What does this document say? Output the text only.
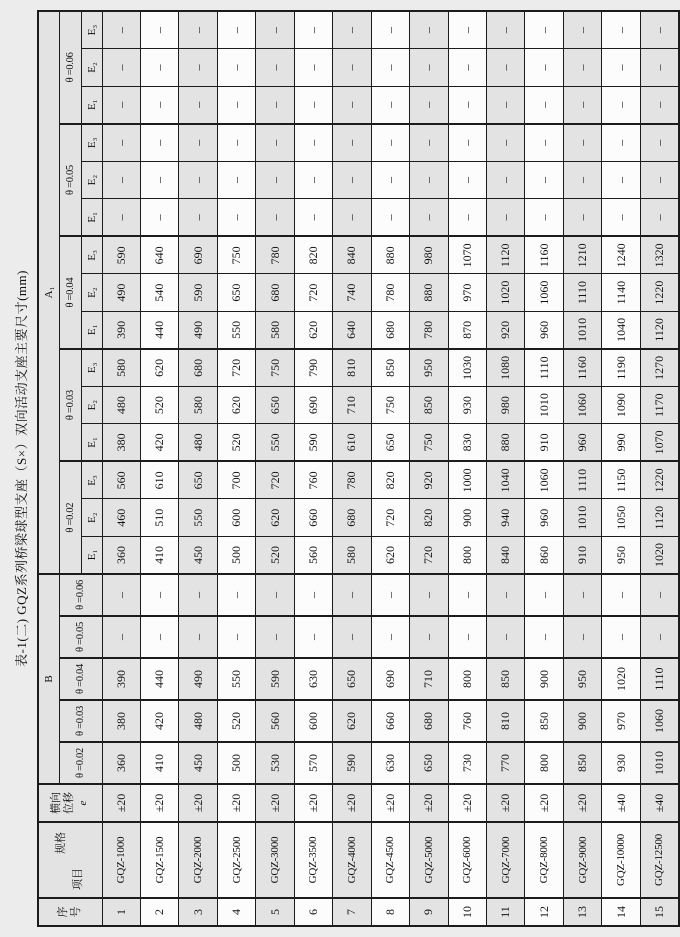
表-1(二) GQZ系列桥梁球型支座（S×）双向活动支座主要尺寸(mm)
序 号	规格
项目	横向 位移 e	B					A₁														
			θ =0.02	θ =0.03	θ =0.04	θ =0.05	θ =0.06	θ =0.02			θ =0.03			θ =0.04			θ =0.05			θ =0.06		
								E₁	E₂	E₃	E₁	E₂	E₃	E₁	E₂	E₃	E₁	E₂	E₃	E₁	E₂	E₃
1	GQZ-1000	±20	360	380	390	–	–	360	460	560	380	480	580	390	490	590	–	–	–	–	–	–
2	GQZ-1500	±20	410	420	440	–	–	410	510	610	420	520	620	440	540	640	–	–	–	–	–	–
3	GQZ-2000	±20	450	480	490	–	–	450	550	650	480	580	680	490	590	690	–	–	–	–	–	–
4	GQZ-2500	±20	500	520	550	–	–	500	600	700	520	620	720	550	650	750	–	–	–	–	–	–
5	GQZ-3000	±20	530	560	590	–	–	520	620	720	550	650	750	580	680	780	–	–	–	–	–	–
6	GQZ-3500	±20	570	600	630	–	–	560	660	760	590	690	790	620	720	820	–	–	–	–	–	–
7	GQZ-4000	±20	590	620	650	–	–	580	680	780	610	710	810	640	740	840	–	–	–	–	–	–
8	GQZ-4500	±20	630	660	690	–	–	620	720	820	650	750	850	680	780	880	–	–	–	–	–	–
9	GQZ-5000	±20	650	680	710	–	–	720	820	920	750	850	950	780	880	980	–	–	–	–	–	–
10	GQZ-6000	±20	730	760	800	–	–	800	900	1000	830	930	1030	870	970	1070	–	–	–	–	–	–
11	GQZ-7000	±20	770	810	850	–	–	840	940	1040	880	980	1080	920	1020	1120	–	–	–	–	–	–
12	GQZ-8000	±20	800	850	900	–	–	860	960	1060	910	1010	1110	960	1060	1160	–	–	–	–	–	–
13	GQZ-9000	±20	850	900	950	–	–	910	1010	1110	960	1060	1160	1010	1110	1210	–	–	–	–	–	–
14	GQZ-10000	±40	930	970	1020	–	–	950	1050	1150	990	1090	1190	1040	1140	1240	–	–	–	–	–	–
15	GQZ-12500	±40	1010	1060	1110	–	–	1020	1120	1220	1070	1170	1270	1120	1220	1320	–	–	–	–	–	–
